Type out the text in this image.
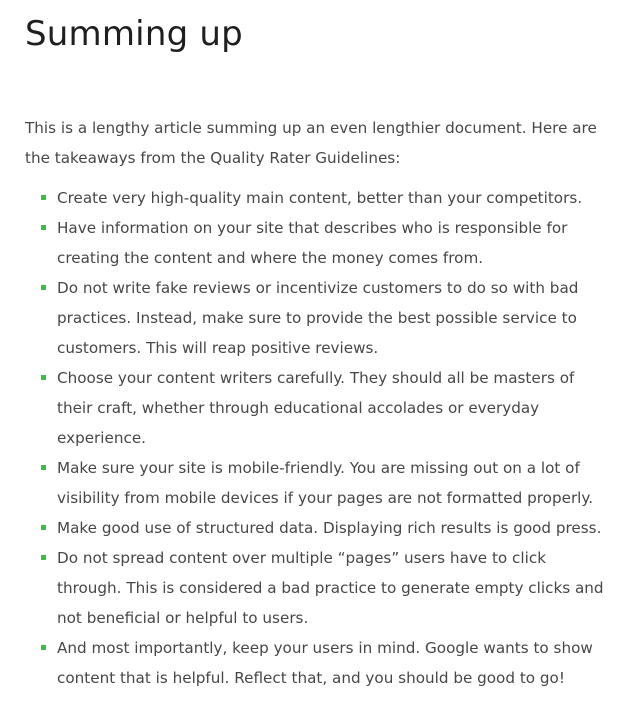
Summing up

This is a lengthy article summing up an even lengthier document. Here are the takeaways from the Quality Rater Guidelines:

Create very high-quality main content, better than your competitors.
Have information on your site that describes who is responsible for creating the content and where the money comes from.
Do not write fake reviews or incentivize customers to do so with bad practices. Instead, make sure to provide the best possible service to customers. This will reap positive reviews.
Choose your content writers carefully. They should all be masters of their craft, whether through educational accolades or everyday experience.
Make sure your site is mobile-friendly. You are missing out on a lot of visibility from mobile devices if your pages are not formatted properly.
Make good use of structured data. Displaying rich results is good press.
Do not spread content over multiple “pages” users have to click through. This is considered a bad practice to generate empty clicks and not beneficial or helpful to users.
And most importantly, keep your users in mind. Google wants to show content that is helpful. Reflect that, and you should be good to go!
